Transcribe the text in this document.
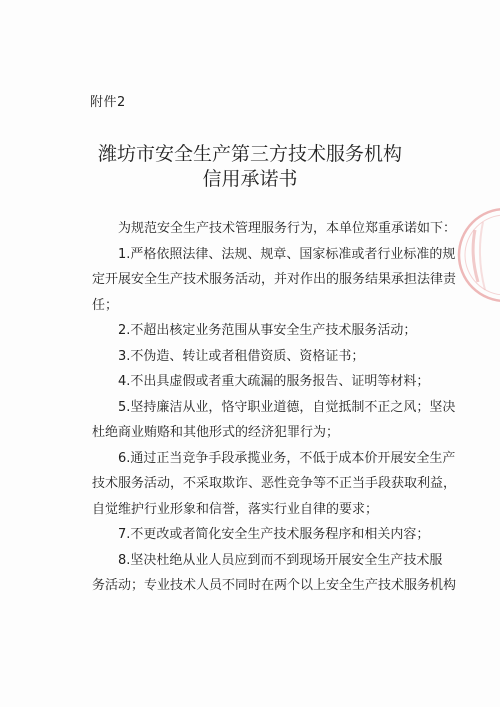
附件2
潍坊市安全生产第三方技术服务机构
信用承诺书
为规范安全生产技术管理服务行为，本单位郑重承诺如下：
1.严格依照法律、法规、规章、国家标准或者行业标准的规
定开展安全生产技术服务活动，并对作出的服务结果承担法律责
任；
2.不超出核定业务范围从事安全生产技术服务活动；
3.不伪造、转让或者租借资质、资格证书；
4.不出具虚假或者重大疏漏的服务报告、证明等材料；
5.坚持廉洁从业，恪守职业道德，自觉抵制不正之风；坚决
杜绝商业贿赂和其他形式的经济犯罪行为；
6.通过正当竞争手段承揽业务，不低于成本价开展安全生产
技术服务活动，不采取欺诈、恶性竞争等不正当手段获取利益，
自觉维护行业形象和信誉，落实行业自律的要求；
7.不更改或者简化安全生产技术服务程序和相关内容；
8.坚决杜绝从业人员应到而不到现场开展安全生产技术服
务活动；专业技术人员不同时在两个以上安全生产技术服务机构
